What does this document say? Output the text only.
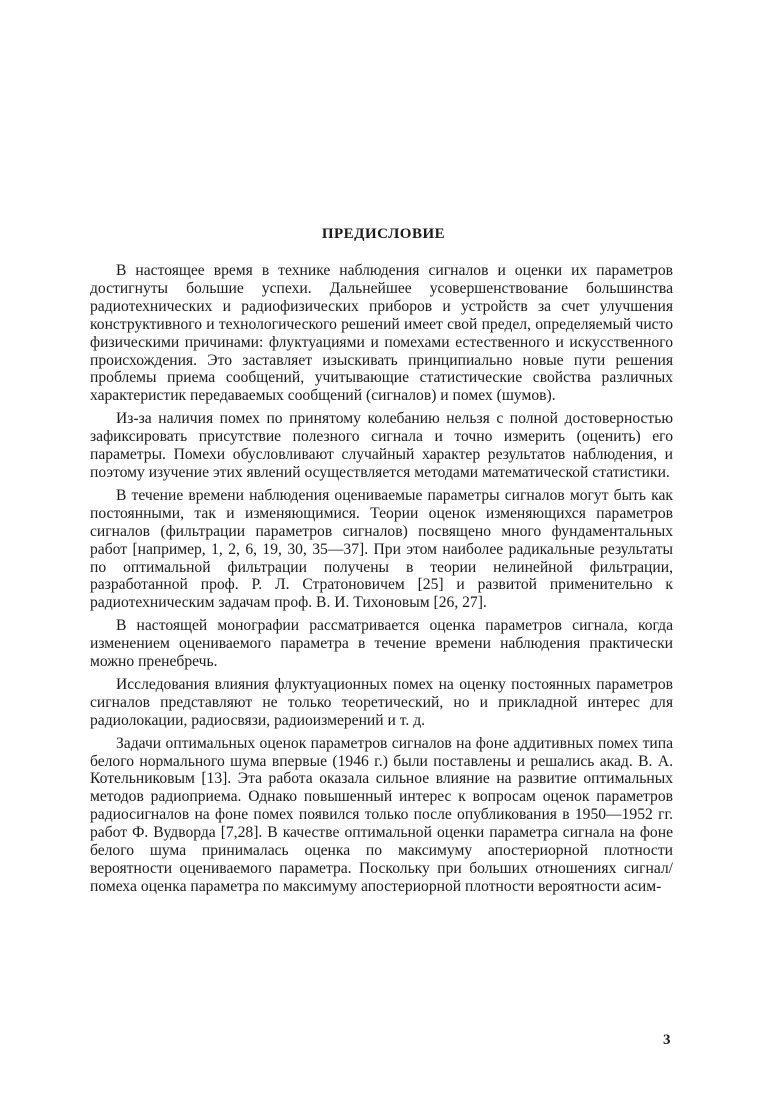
ПРЕДИСЛОВИЕ

В настоящее время в технике наблюдения сигналов и оценки их параметров достигнуты большие успехи. Дальнейшее усовершенствование большинства радиотехнических и радиофизических приборов и устройств за счет улучшения конструктивного и технологического решений имеет свой предел, определяемый чисто физическими причинами: флуктуациями и помехами естественного и искусственного происхождения. Это заставляет изыскивать принципиально новые пути решения проблемы приема сообщений, учитывающие статистические свойства различных характеристик передаваемых сообщений (сигналов) и помех (шумов).

Из-за наличия помех по принятому колебанию нельзя с полной достоверностью зафиксировать присутствие полезного сигнала и точно измерить (оценить) его параметры. Помехи обусловливают случайный характер результатов наблюдения, и поэтому изучение этих явлений осуществляется методами математической статистики.

В течение времени наблюдения оцениваемые параметры сигналов могут быть как постоянными, так и изменяющимися. Теории оценок изменяющихся параметров сигналов (фильтрации параметров сигналов) посвящено много фундаментальных работ [например, 1, 2, 6, 19, 30, 35—37]. При этом наиболее радикальные результаты по оптимальной фильтрации получены в теории нелинейной фильтрации, разработанной проф. Р. Л. Стратоновичем [25] и развитой применительно к радиотехническим задачам проф. В. И. Тихоновым [26, 27].

В настоящей монографии рассматривается оценка параметров сигнала, когда изменением оцениваемого параметра в течение времени наблюдения практически можно пренебречь.

Исследования влияния флуктуационных помех на оценку постоянных параметров сигналов представляют не только теоретический, но и прикладной интерес для радиолокации, радиосвязи, радиоизмерений и т. д.

Задачи оптимальных оценок параметров сигналов на фоне аддитивных помех типа белого нормального шума впервые (1946 г.) были поставлены и решались акад. В. А. Котельниковым [13]. Эта работа оказала сильное влияние на развитие оптимальных методов радиоприема. Однако повышенный интерес к вопросам оценок параметров радиосигналов на фоне помех появился только после опубликования в 1950—1952 гг. работ Ф. Вудворда [7,28]. В качестве оптимальной оценки параметра сигнала на фоне белого шума принималась оценка по максимуму апостериорной плотности вероятности оцениваемого параметра. Поскольку при больших отношениях сигнал/помеха оценка параметра по максимуму апостериорной плотности вероятности асим-

3
